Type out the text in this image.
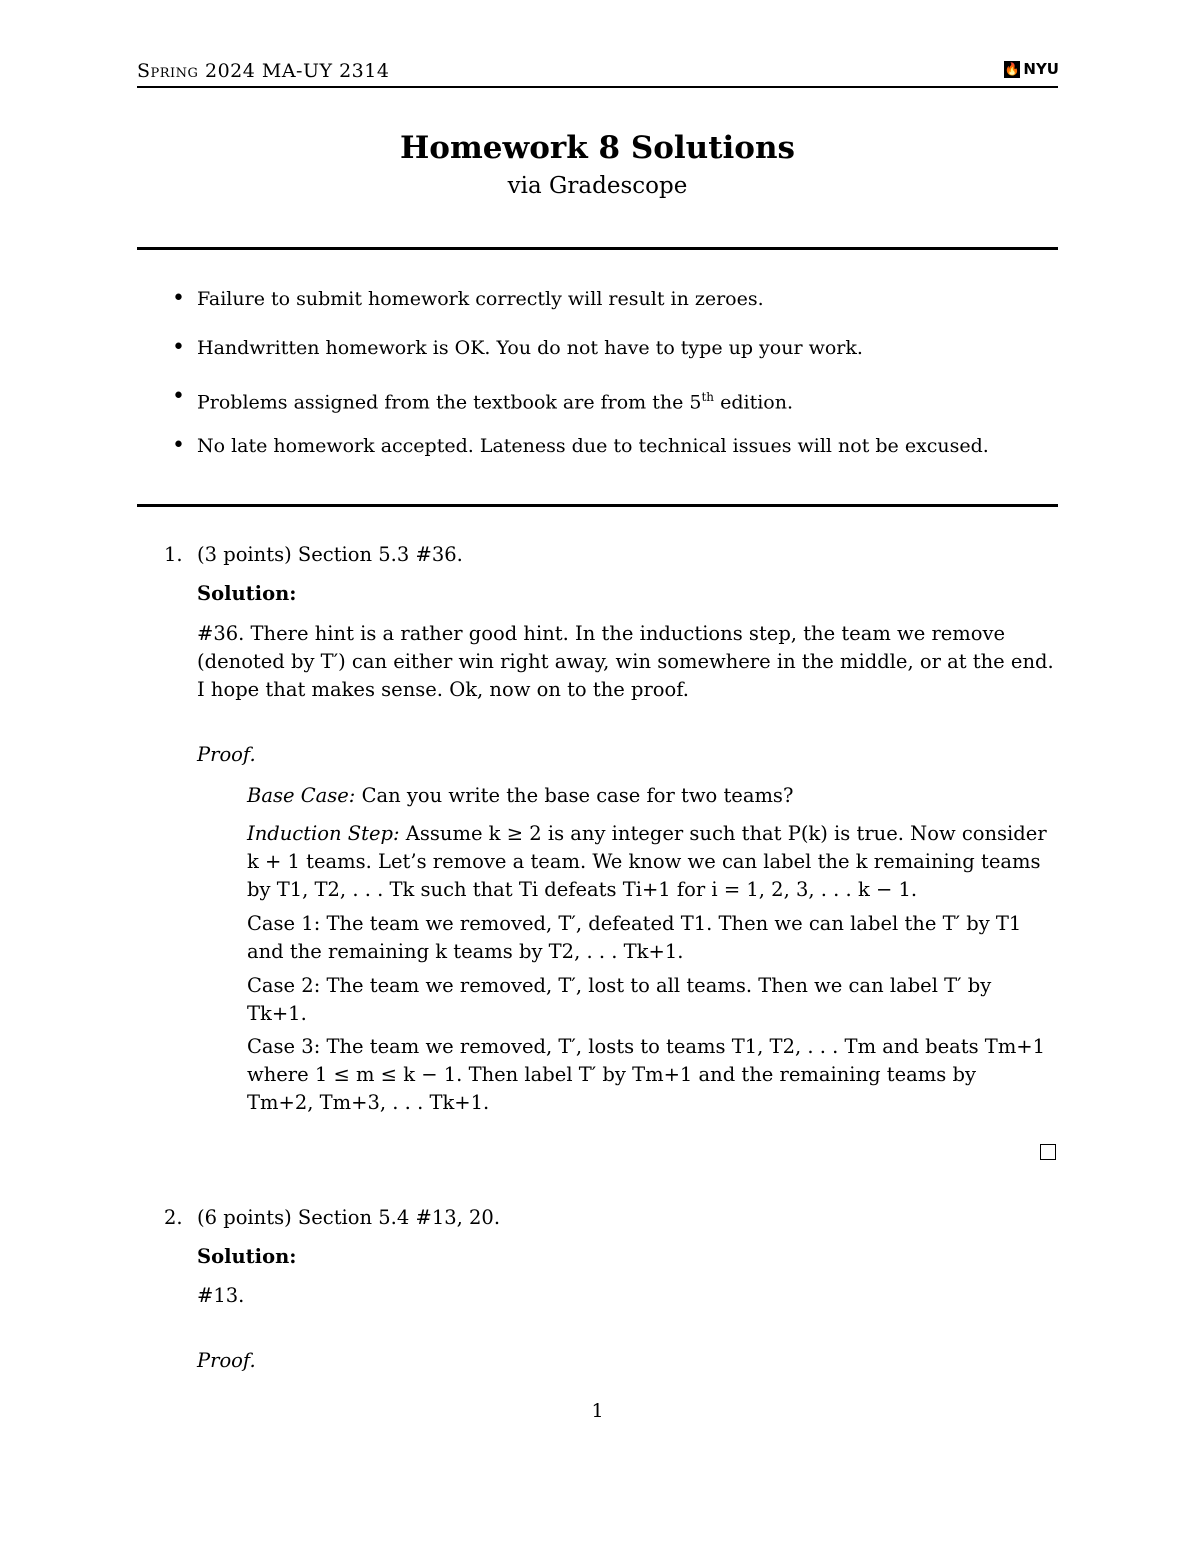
Spring 2024 MA-UY 2314	🔥 NYU
Homework 8 Solutions
via Gradescope
• Failure to submit homework correctly will result in zeroes.
• Handwritten homework is OK. You do not have to type up your work.
• Problems assigned from the textbook are from the 5th edition.
• No late homework accepted. Lateness due to technical issues will not be excused.
1. (3 points) Section 5.3 #36.
Solution:
#36. There hint is a rather good hint. In the inductions step, the team we remove
(denoted by T′) can either win right away, win somewhere in the middle, or at the end.
I hope that makes sense. Ok, now on to the proof.
Proof.
Base Case: Can you write the base case for two teams?
Induction Step: Assume k ≥ 2 is any integer such that P(k) is true. Now consider
k + 1 teams. Let’s remove a team. We know we can label the k remaining teams
by T1, T2, . . . Tk such that Ti defeats Ti+1 for i = 1, 2, 3, . . . k − 1.
Case 1: The team we removed, T′, defeated T1. Then we can label the T′ by T1
and the remaining k teams by T2, . . . Tk+1.
Case 2: The team we removed, T′, lost to all teams. Then we can label T′ by
Tk+1.
Case 3: The team we removed, T′, losts to teams T1, T2, . . . Tm and beats Tm+1
where 1 ≤ m ≤ k − 1. Then label T′ by Tm+1 and the remaining teams by
Tm+2, Tm+3, . . . Tk+1.
2. (6 points) Section 5.4 #13, 20.
Solution:
#13.
Proof.
1
